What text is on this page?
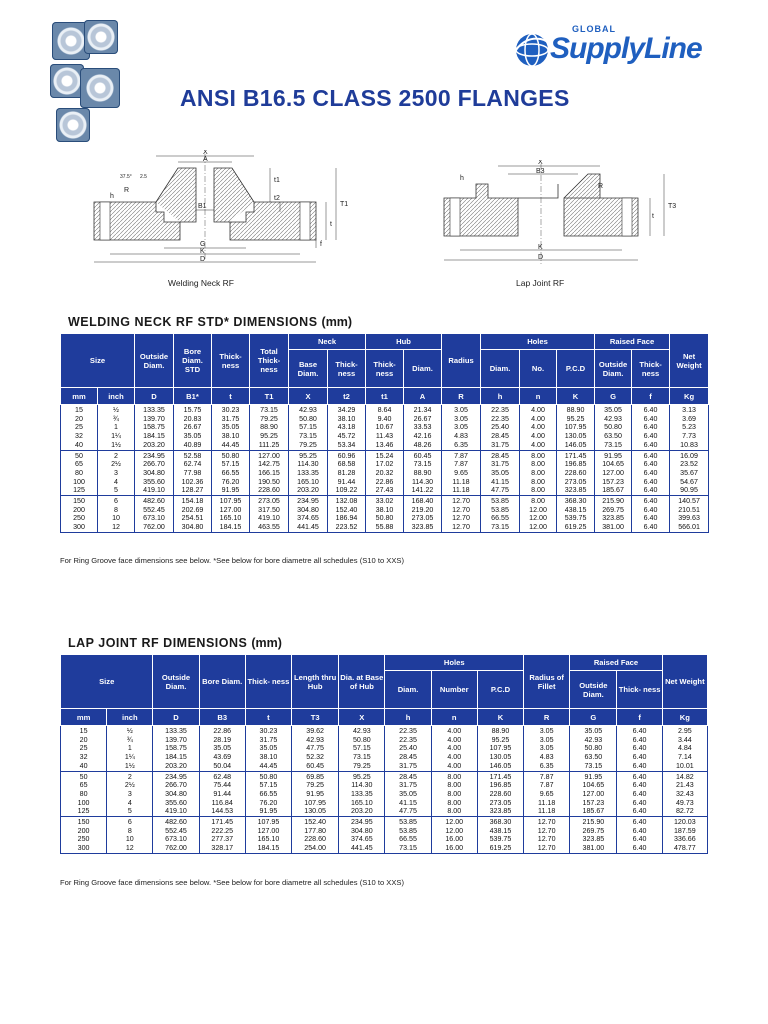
GLOBAL
SupplyLine
ANSI B16.5 CLASS 2500 FLANGES
X
A
t1
t2
T1
t
f
B1
G
K
D
h
R
37.5° 2.5
X
B3
h
R
t
T3
K
D
Welding Neck RF	Lap Joint RF
WELDING NECK RF STD* DIMENSIONS (mm)
Size		Outside Diam.	Bore Diam. STD	Thick- ness	Total Thick- ness	Neck		Hub		Radius	Holes			Raised Face		Net Weight
						Base Diam.	Thick- ness	Thick- ness	Diam.		Diam.	No.	P.C.D	Outside Diam.	Thick- ness	
mm	inch	D	B1*	t	T1	X	t2	t1	A	R	h	n	K	G	f	Kg
15	½	133.35	15.75	30.23	73.15	42.93	34.29	8.64	21.34	3.05	22.35	4.00	88.90	35.05	6.40	3.13
20	¾	139.70	20.83	31.75	79.25	50.80	38.10	9.40	26.67	3.05	22.35	4.00	95.25	42.93	6.40	3.69
25	1	158.75	26.67	35.05	88.90	57.15	43.18	10.67	33.53	3.05	25.40	4.00	107.95	50.80	6.40	5.23
32	1¼	184.15	35.05	38.10	95.25	73.15	45.72	11.43	42.16	4.83	28.45	4.00	130.05	63.50	6.40	7.73
40	1½	203.20	40.89	44.45	111.25	79.25	53.34	13.46	48.26	6.35	31.75	4.00	146.05	73.15	6.40	10.83
50	2	234.95	52.58	50.80	127.00	95.25	60.96	15.24	60.45	7.87	28.45	8.00	171.45	91.95	6.40	16.09
65	2½	266.70	62.74	57.15	142.75	114.30	68.58	17.02	73.15	7.87	31.75	8.00	196.85	104.65	6.40	23.52
80	3	304.80	77.98	66.55	166.15	133.35	81.28	20.32	88.90	9.65	35.05	8.00	228.60	127.00	6.40	35.67
100	4	355.60	102.36	76.20	190.50	165.10	91.44	22.86	114.30	11.18	41.15	8.00	273.05	157.23	6.40	54.67
125	5	419.10	128.27	91.95	228.60	203.20	109.22	27.43	141.22	11.18	47.75	8.00	323.85	185.67	6.40	90.95
150	6	482.60	154.18	107.95	273.05	234.95	132.08	33.02	168.40	12.70	53.85	8.00	368.30	215.90	6.40	140.57
200	8	552.45	202.69	127.00	317.50	304.80	152.40	38.10	219.20	12.70	53.85	12.00	438.15	269.75	6.40	210.51
250	10	673.10	254.51	165.10	419.10	374.65	186.94	50.80	273.05	12.70	66.55	12.00	539.75	323.85	6.40	399.63
300	12	762.00	304.80	184.15	463.55	441.45	223.52	55.88	323.85	12.70	73.15	12.00	619.25	381.00	6.40	566.01
For Ring Groove face dimensions see below. *See below for bore diametre all schedules (S10 to XXS)
LAP JOINT RF DIMENSIONS (mm)
Size		Outside Diam.	Bore Diam.	Thick- ness	Length thru Hub	Dia. at Base of Hub	Holes			Radius of Fillet	Raised Face		Net Weight
							Diam.	Number	P.C.D		Outside Diam.	Thick- ness	
mm	inch	D	B3	t	T3	X	h	n	K	R	G	f	Kg
15	½	133.35	22.86	30.23	39.62	42.93	22.35	4.00	88.90	3.05	35.05	6.40	2.95
20	¾	139.70	28.19	31.75	42.93	50.80	22.35	4.00	95.25	3.05	42.93	6.40	3.44
25	1	158.75	35.05	35.05	47.75	57.15	25.40	4.00	107.95	3.05	50.80	6.40	4.84
32	1¼	184.15	43.69	38.10	52.32	73.15	28.45	4.00	130.05	4.83	63.50	6.40	7.14
40	1½	203.20	50.04	44.45	60.45	79.25	31.75	4.00	146.05	6.35	73.15	6.40	10.01
50	2	234.95	62.48	50.80	69.85	95.25	28.45	8.00	171.45	7.87	91.95	6.40	14.82
65	2½	266.70	75.44	57.15	79.25	114.30	31.75	8.00	196.85	7.87	104.65	6.40	21.43
80	3	304.80	91.44	66.55	91.95	133.35	35.05	8.00	228.60	9.65	127.00	6.40	32.43
100	4	355.60	116.84	76.20	107.95	165.10	41.15	8.00	273.05	11.18	157.23	6.40	49.73
125	5	419.10	144.53	91.95	130.05	203.20	47.75	8.00	323.85	11.18	185.67	6.40	82.72
150	6	482.60	171.45	107.95	152.40	234.95	53.85	12.00	368.30	12.70	215.90	6.40	120.03
200	8	552.45	222.25	127.00	177.80	304.80	53.85	12.00	438.15	12.70	269.75	6.40	187.59
250	10	673.10	277.37	165.10	228.60	374.65	66.55	16.00	539.75	12.70	323.85	6.40	336.66
300	12	762.00	328.17	184.15	254.00	441.45	73.15	16.00	619.25	12.70	381.00	6.40	478.77
For Ring Groove face dimensions see below. *See below for bore diametre all schedules (S10 to XXS)
